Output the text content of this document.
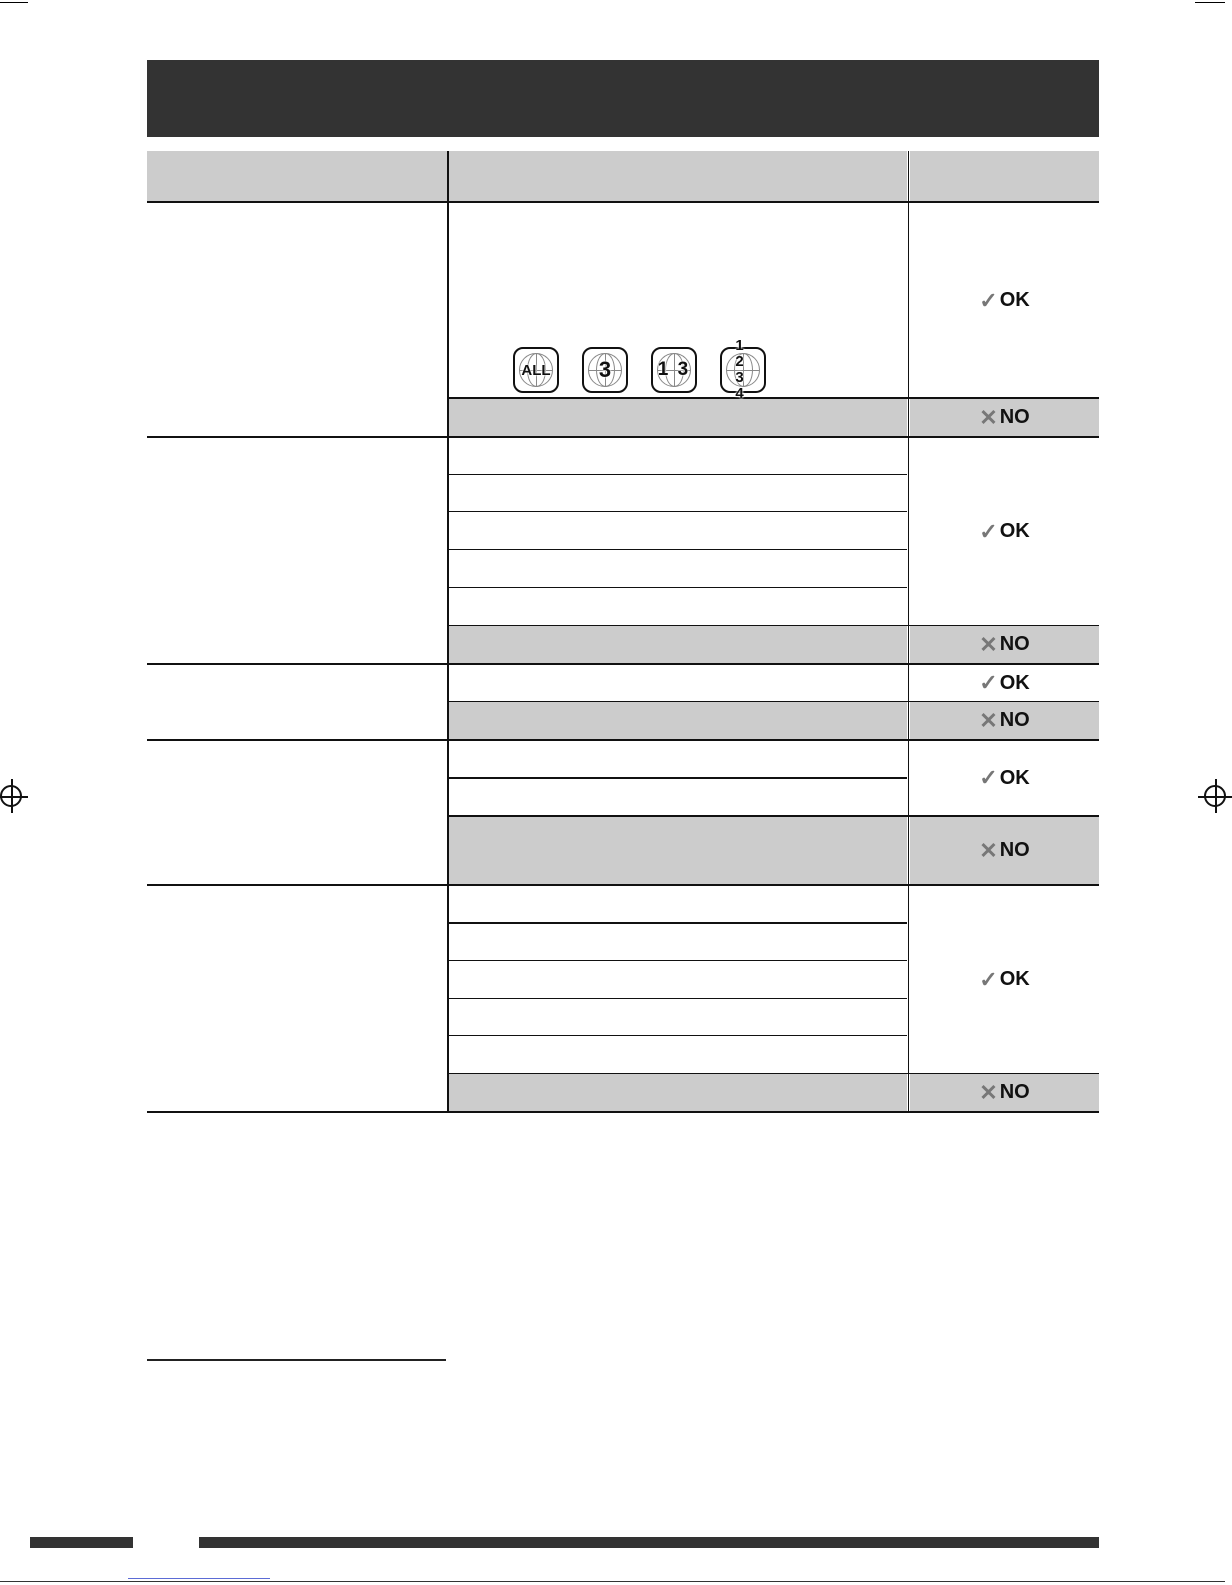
✓ OK
✕ NO
✓ OK
✕ NO
✓ OK
✕ NO
✓ OK
✕ NO
✓ OK
✕ NO
ALL 3 1 3
1 2 3 4
